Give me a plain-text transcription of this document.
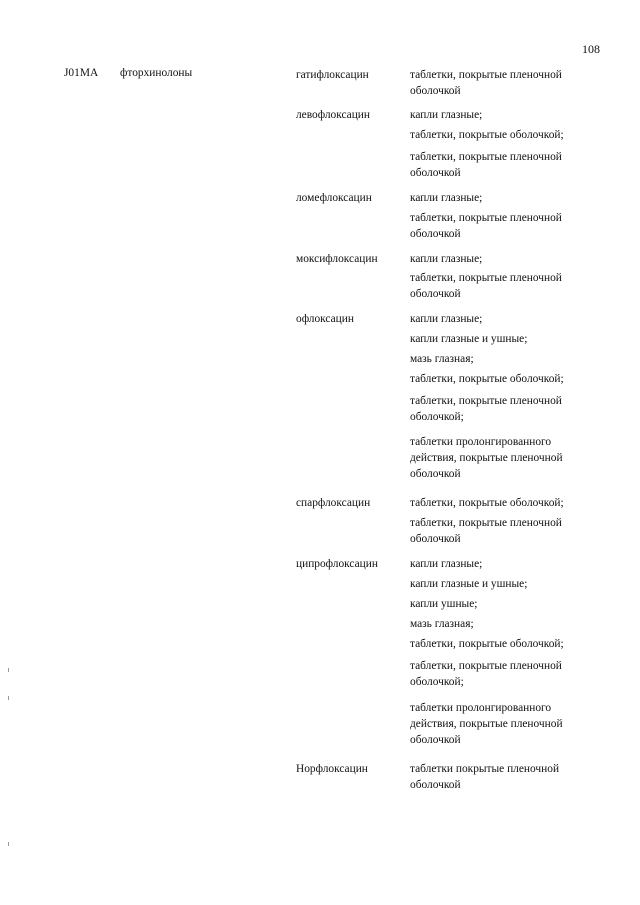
108
J01MA фторхинолоны	гатифлоксацин	таблетки, покрытые пленочной оболочкой
левофлоксацин	капли глазные;
таблетки, покрытые оболочкой;
таблетки, покрытые пленочной оболочкой
ломефлоксацин	капли глазные;
таблетки, покрытые пленочной оболочкой
моксифлоксацин	капли глазные;
таблетки, покрытые пленочной оболочкой
офлоксацин	капли глазные;
капли глазные и ушные;
мазь глазная;
таблетки, покрытые оболочкой;
таблетки, покрытые пленочной оболочкой;
таблетки пролонгированного действия, покрытые пленочной оболочкой
спарфлоксацин	таблетки, покрытые оболочкой;
таблетки, покрытые пленочной оболочкой
ципрофлоксацин	капли глазные;
капли глазные и ушные;
капли ушные;
мазь глазная;
таблетки, покрытые оболочкой;
таблетки, покрытые пленочной оболочкой;
таблетки пролонгированного действия, покрытые пленочной оболочкой
Норфлоксацин	таблетки покрытые пленочной оболочкой
